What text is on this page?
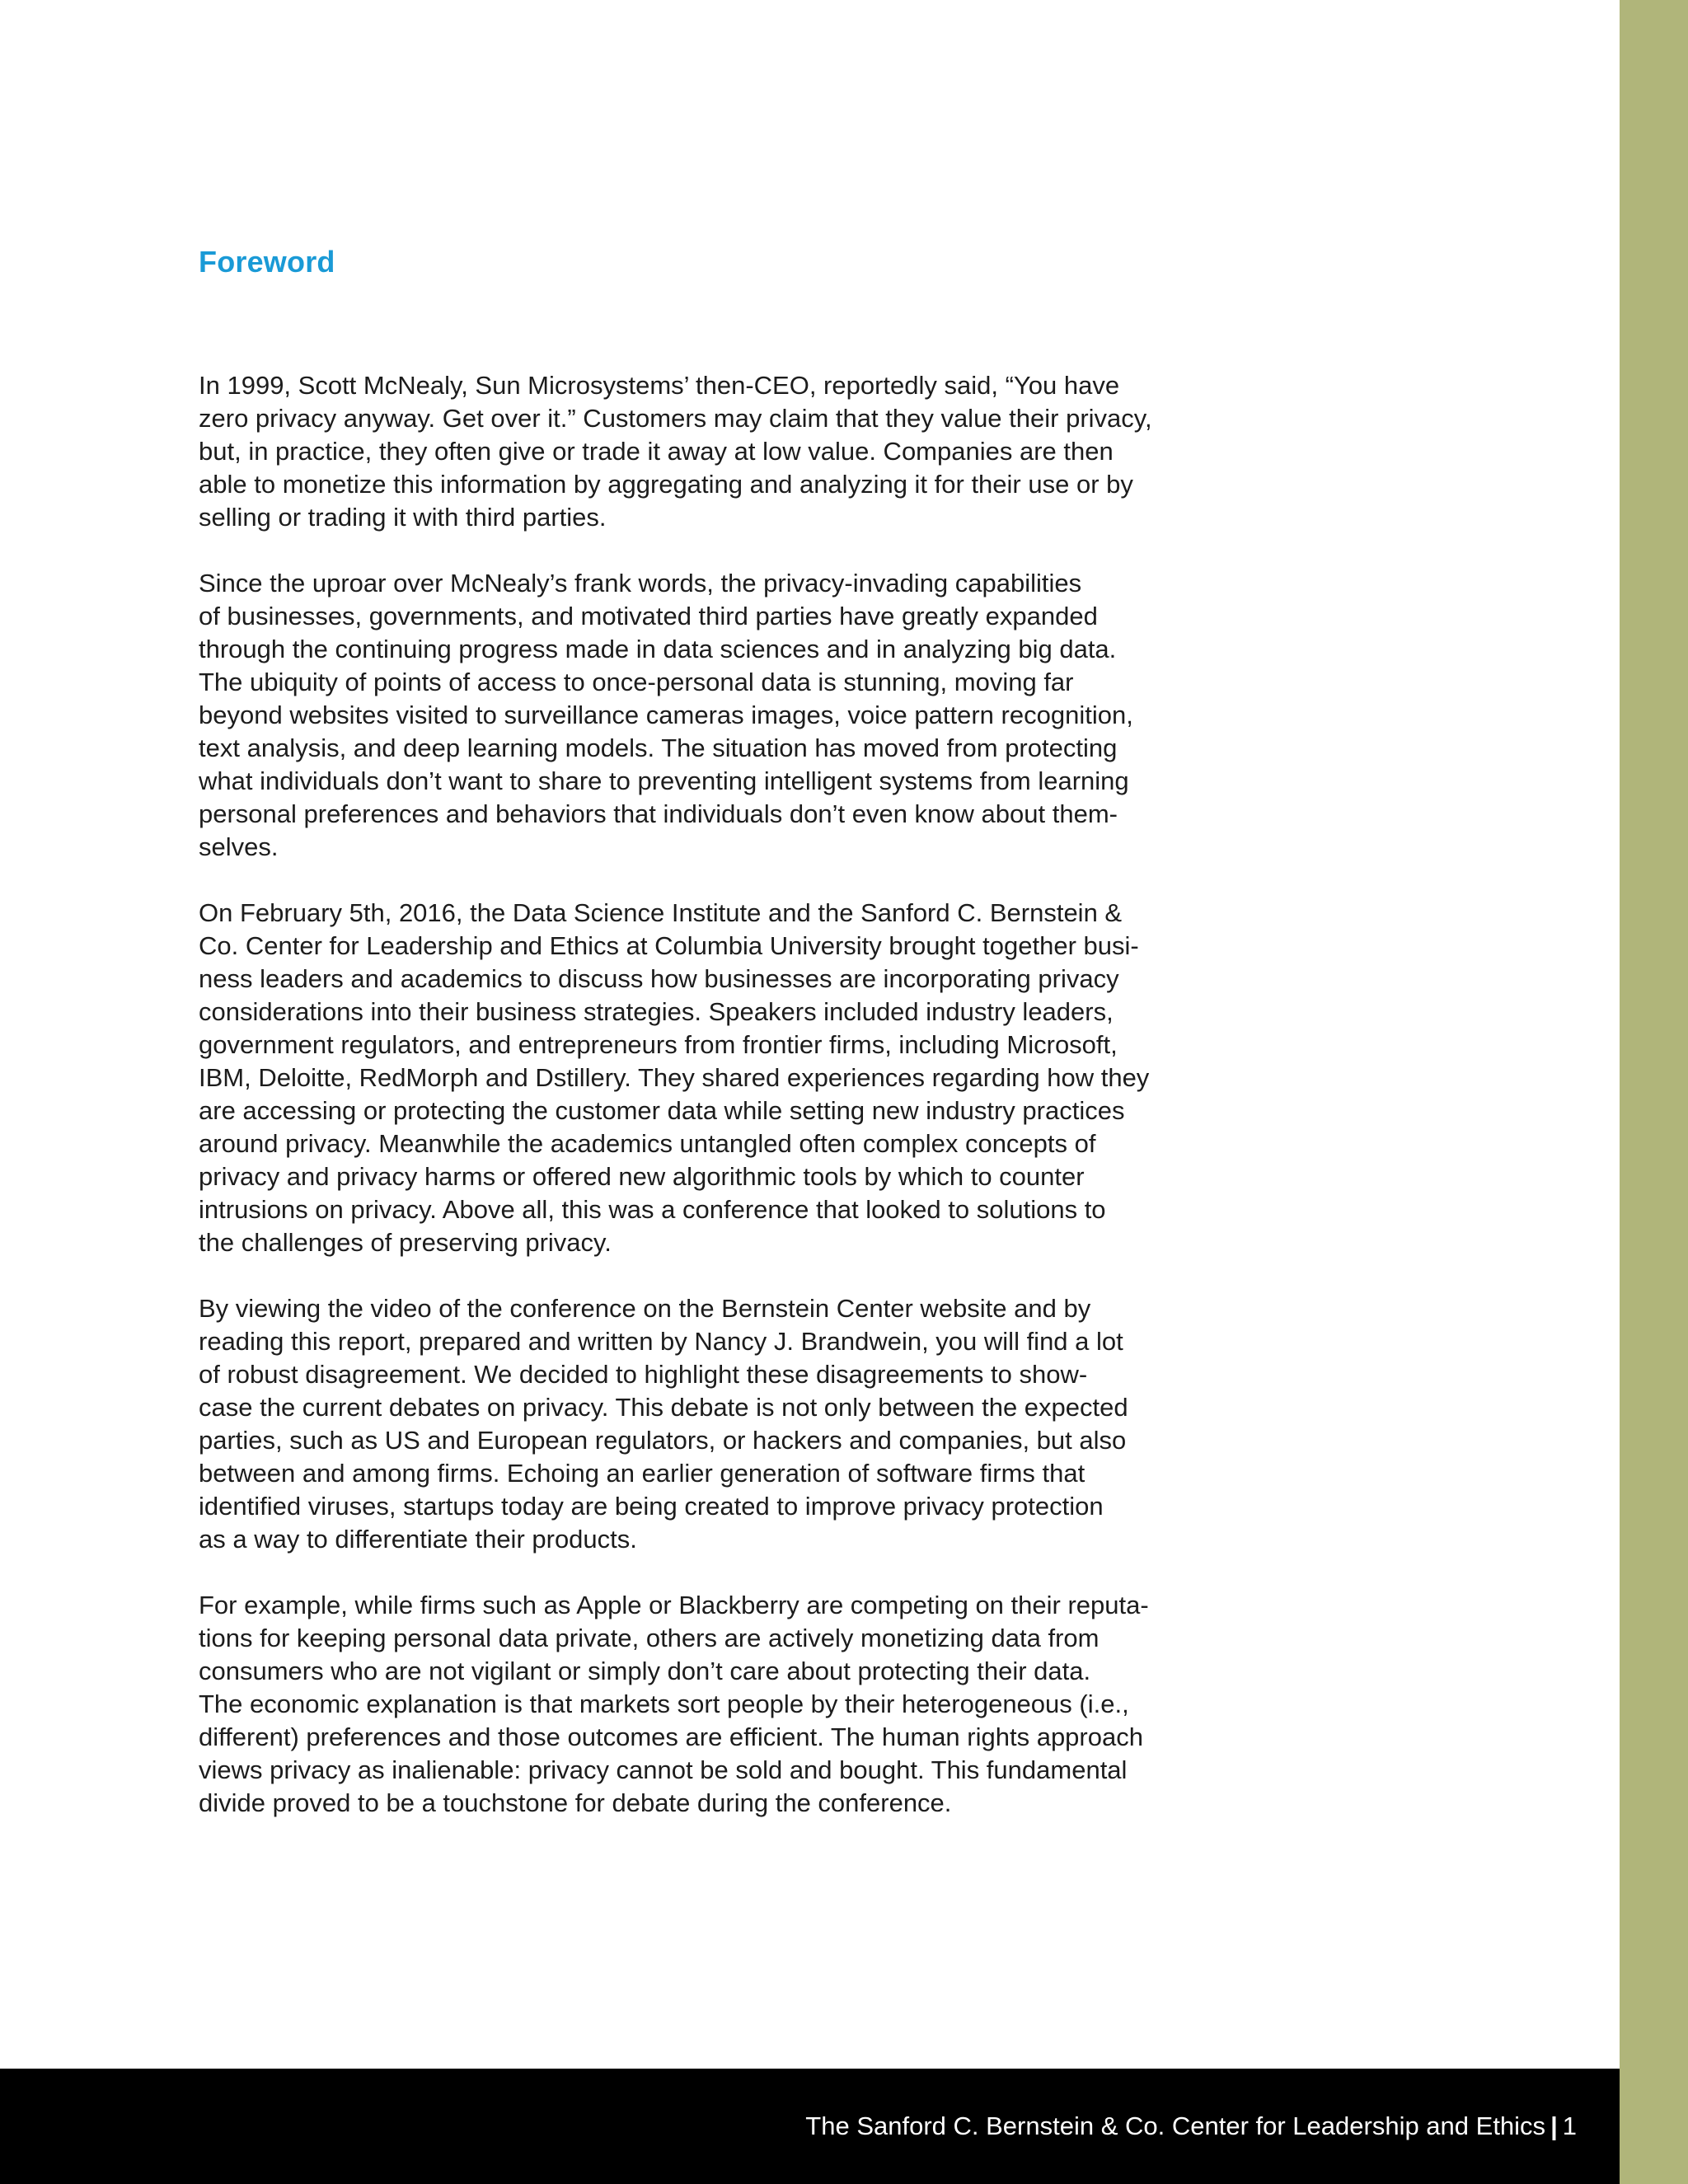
Foreword

In 1999, Scott McNealy, Sun Microsystems’ then-CEO, reportedly said, “You have
zero privacy anyway. Get over it.” Customers may claim that they value their privacy,
but, in practice, they often give or trade it away at low value. Companies are then
able to monetize this information by aggregating and analyzing it for their use or by
selling or trading it with third parties.

Since the uproar over McNealy’s frank words, the privacy-invading capabilities
of businesses, governments, and motivated third parties have greatly expanded
through the continuing progress made in data sciences and in analyzing big data.
The ubiquity of points of access to once-personal data is stunning, moving far
beyond websites visited to surveillance cameras images, voice pattern recognition,
text analysis, and deep learning models. The situation has moved from protecting
what individuals don’t want to share to preventing intelligent systems from learning
personal preferences and behaviors that individuals don’t even know about them-
selves.

On February 5th, 2016, the Data Science Institute and the Sanford C. Bernstein &
Co. Center for Leadership and Ethics at Columbia University brought together busi-
ness leaders and academics to discuss how businesses are incorporating privacy
considerations into their business strategies. Speakers included industry leaders,
government regulators, and entrepreneurs from frontier firms, including Microsoft,
IBM, Deloitte, RedMorph and Dstillery. They shared experiences regarding how they
are accessing or protecting the customer data while setting new industry practices
around privacy. Meanwhile the academics untangled often complex concepts of
privacy and privacy harms or offered new algorithmic tools by which to counter
intrusions on privacy. Above all, this was a conference that looked to solutions to
the challenges of preserving privacy.

By viewing the video of the conference on the Bernstein Center website and by
reading this report, prepared and written by Nancy J. Brandwein, you will find a lot
of robust disagreement. We decided to highlight these disagreements to show-
case the current debates on privacy. This debate is not only between the expected
parties, such as US and European regulators, or hackers and companies, but also
between and among firms. Echoing an earlier generation of software firms that
identified viruses, startups today are being created to improve privacy protection
as a way to differentiate their products.

For example, while firms such as Apple or Blackberry are competing on their reputa-
tions for keeping personal data private, others are actively monetizing data from
consumers who are not vigilant or simply don’t care about protecting their data.
The economic explanation is that markets sort people by their heterogeneous (i.e.,
different) preferences and those outcomes are efficient. The human rights approach
views privacy as inalienable: privacy cannot be sold and bought. This fundamental
divide proved to be a touchstone for debate during the conference.

The Sanford C. Bernstein & Co. Center for Leadership and Ethics | 1
